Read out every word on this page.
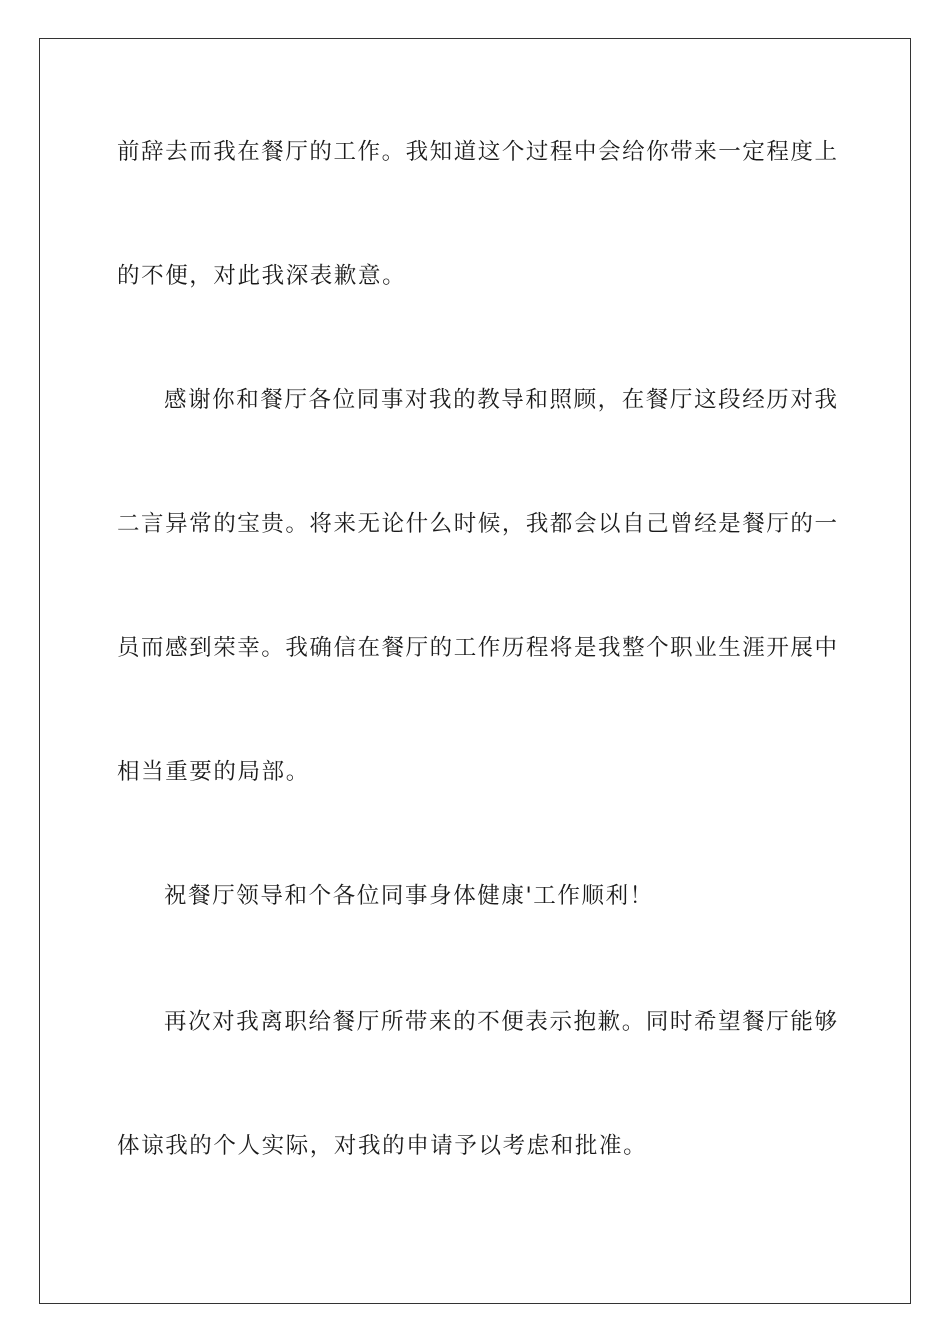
前辞去而我在餐厅的工作。我知道这个过程中会给你带来一定程度上
的不便，对此我深表歉意。
感谢你和餐厅各位同事对我的教导和照顾，在餐厅这段经历对我
二言异常的宝贵。将来无论什么时候，我都会以自己曾经是餐厅的一
员而感到荣幸。我确信在餐厅的工作历程将是我整个职业生涯开展中
相当重要的局部。
祝餐厅领导和个各位同事身体健康'工作顺利！
再次对我离职给餐厅所带来的不便表示抱歉。同时希望餐厅能够
体谅我的个人实际，对我的申请予以考虑和批准。
